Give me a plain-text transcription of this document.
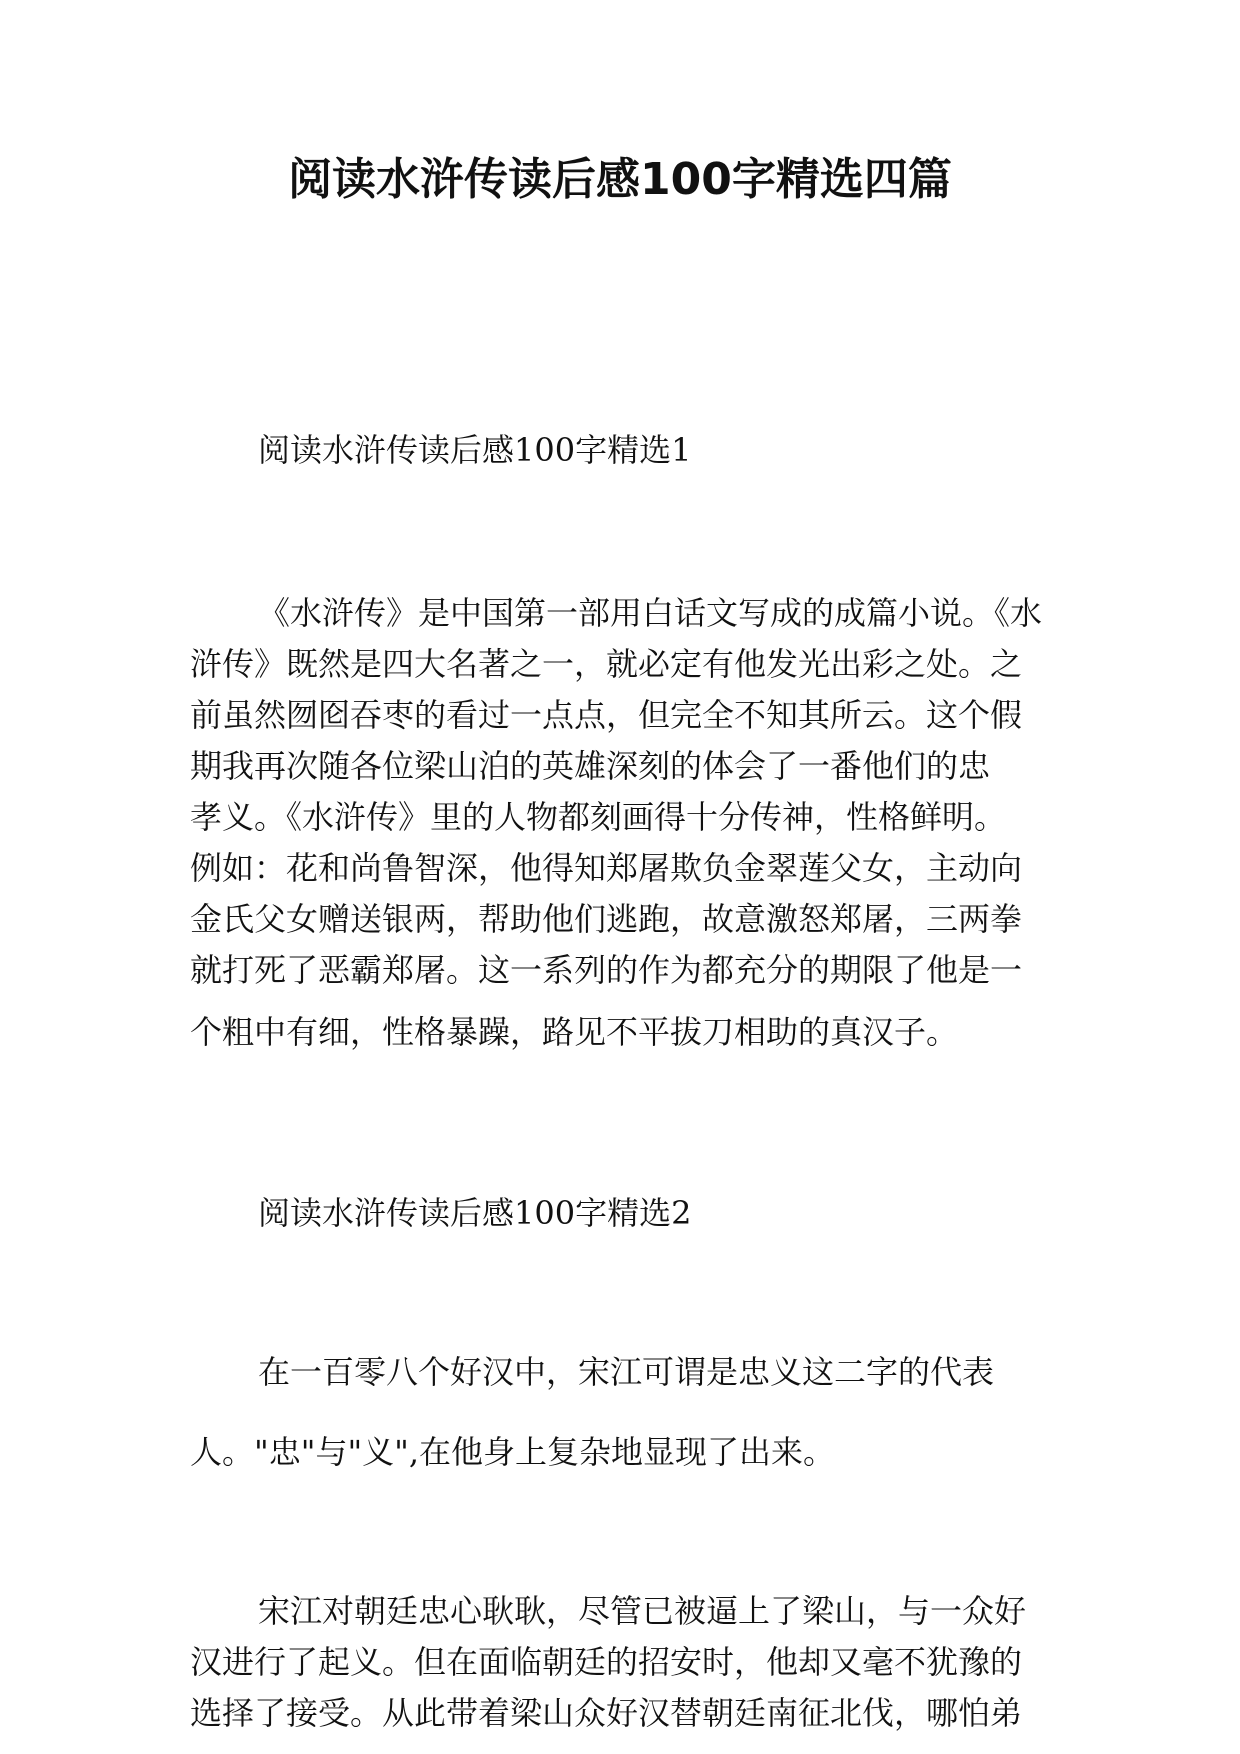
阅读水浒传读后感100字精选四篇

阅读水浒传读后感100字精选1

《水浒传》是中国第一部用白话文写成的成篇小说。《水
浒传》既然是四大名著之一，就必定有他发光出彩之处。之
前虽然囫囵吞枣的看过一点点，但完全不知其所云。这个假
期我再次随各位梁山泊的英雄深刻的体会了一番他们的忠
孝义。《水浒传》里的人物都刻画得十分传神，性格鲜明。
例如：花和尚鲁智深，他得知郑屠欺负金翠莲父女，主动向
金氏父女赠送银两，帮助他们逃跑，故意激怒郑屠，三两拳
就打死了恶霸郑屠。这一系列的作为都充分的期限了他是一
个粗中有细，性格暴躁，路见不平拔刀相助的真汉子。

阅读水浒传读后感100字精选2

在一百零八个好汉中，宋江可谓是忠义这二字的代表
人。"忠"与"义",在他身上复杂地显现了出来。
宋江对朝廷忠心耿耿，尽管已被逼上了梁山，与一众好
汉进行了起义。但在面临朝廷的招安时，他却又毫不犹豫的
选择了接受。从此带着梁山众好汉替朝廷南征北伐，哪怕弟
